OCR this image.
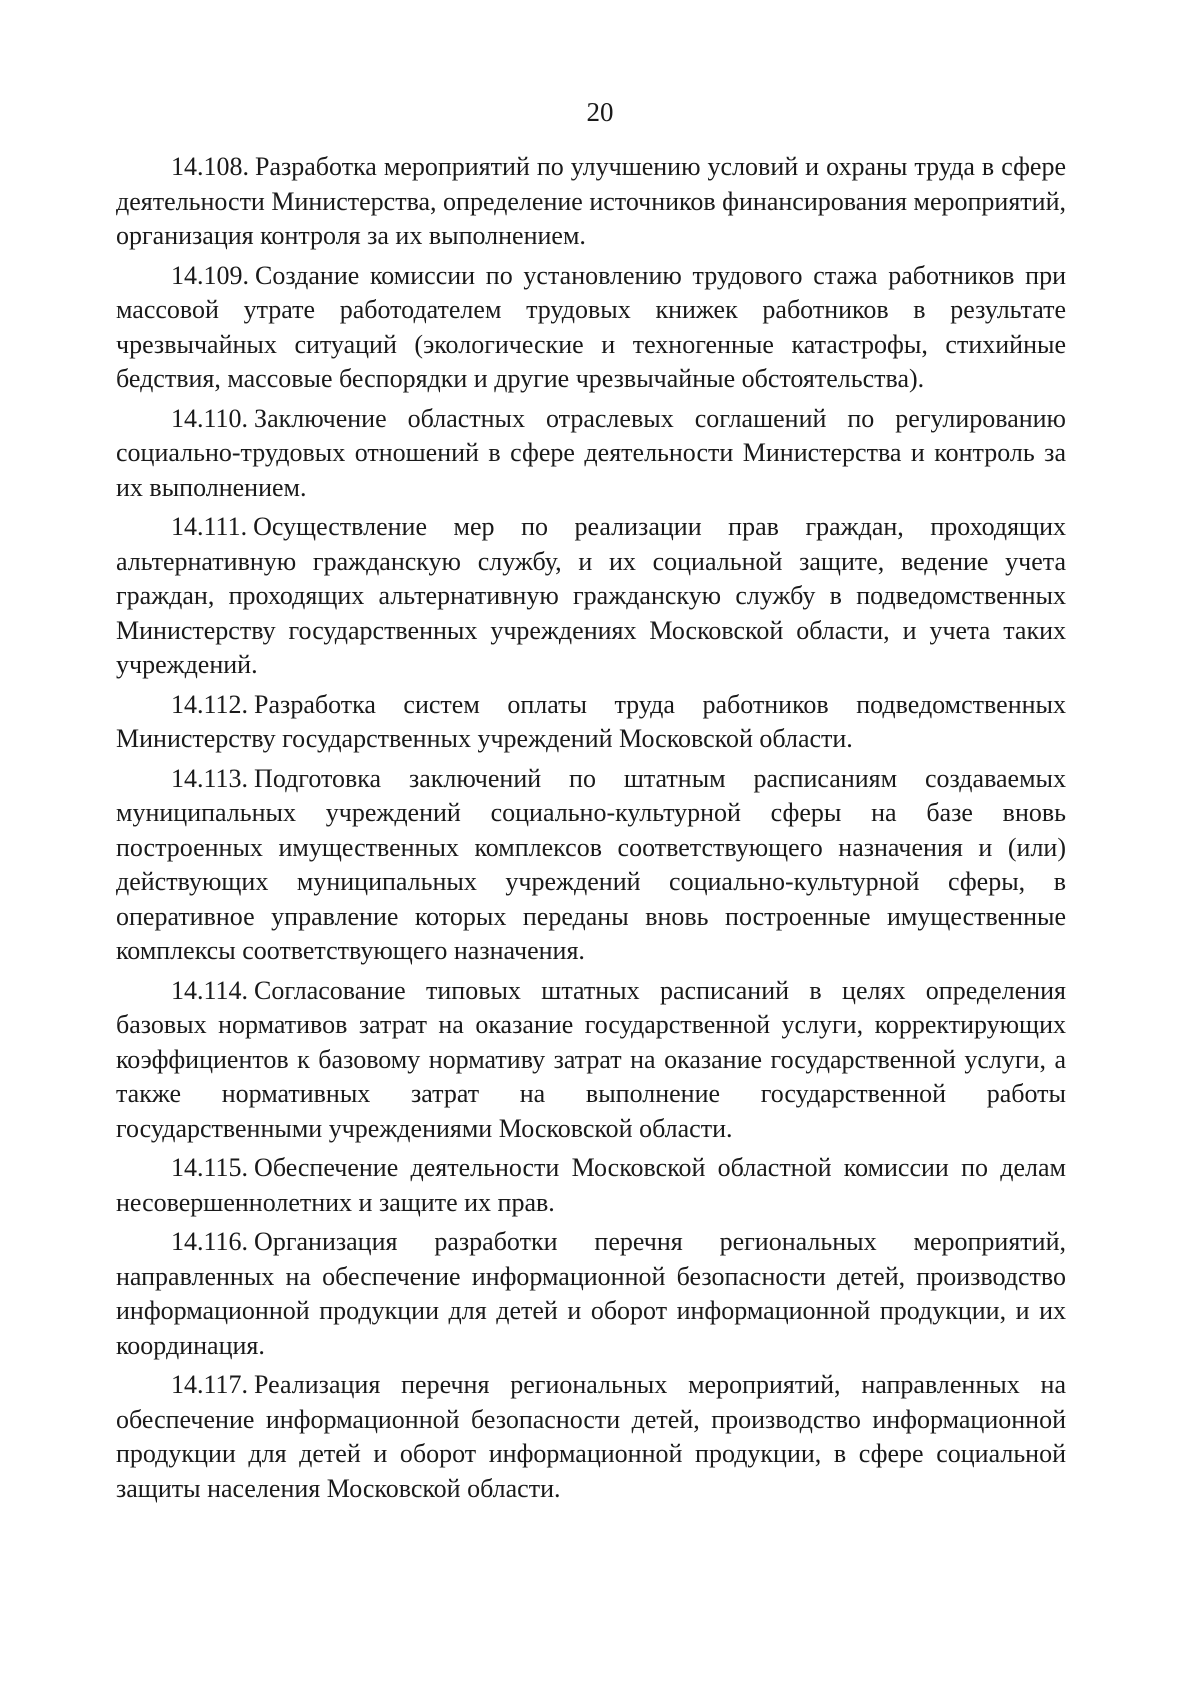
20

14.108. Разработка мероприятий по улучшению условий и охраны труда в сфере деятельности Министерства, определение источников финансирования мероприятий, организация контроля за их выполнением.

14.109. Создание комиссии по установлению трудового стажа работников при массовой утрате работодателем трудовых книжек работников в результате чрезвычайных ситуаций (экологические и техногенные катастрофы, стихийные бедствия, массовые беспорядки и другие чрезвычайные обстоятельства).

14.110. Заключение областных отраслевых соглашений по регулированию социально-трудовых отношений в сфере деятельности Министерства и контроль за их выполнением.

14.111. Осуществление мер по реализации прав граждан, проходящих альтернативную гражданскую службу, и их социальной защите, ведение учета граждан, проходящих альтернативную гражданскую службу в подведомственных Министерству государственных учреждениях Московской области, и учета таких учреждений.

14.112. Разработка систем оплаты труда работников подведомственных Министерству государственных учреждений Московской области.

14.113. Подготовка заключений по штатным расписаниям создаваемых муниципальных учреждений социально-культурной сферы на базе вновь построенных имущественных комплексов соответствующего назначения и (или) действующих муниципальных учреждений социально-культурной сферы, в оперативное управление которых переданы вновь построенные имущественные комплексы соответствующего назначения.

14.114. Согласование типовых штатных расписаний в целях определения базовых нормативов затрат на оказание государственной услуги, корректирующих коэффициентов к базовому нормативу затрат на оказание государственной услуги, а также нормативных затрат на выполнение государственной работы государственными учреждениями Московской области.

14.115. Обеспечение деятельности Московской областной комиссии по делам несовершеннолетних и защите их прав.

14.116. Организация разработки перечня региональных мероприятий, направленных на обеспечение информационной безопасности детей, производство информационной продукции для детей и оборот информационной продукции, и их координация.

14.117. Реализация перечня региональных мероприятий, направленных на обеспечение информационной безопасности детей, производство информационной продукции для детей и оборот информационной продукции, в сфере социальной защиты населения Московской области.
